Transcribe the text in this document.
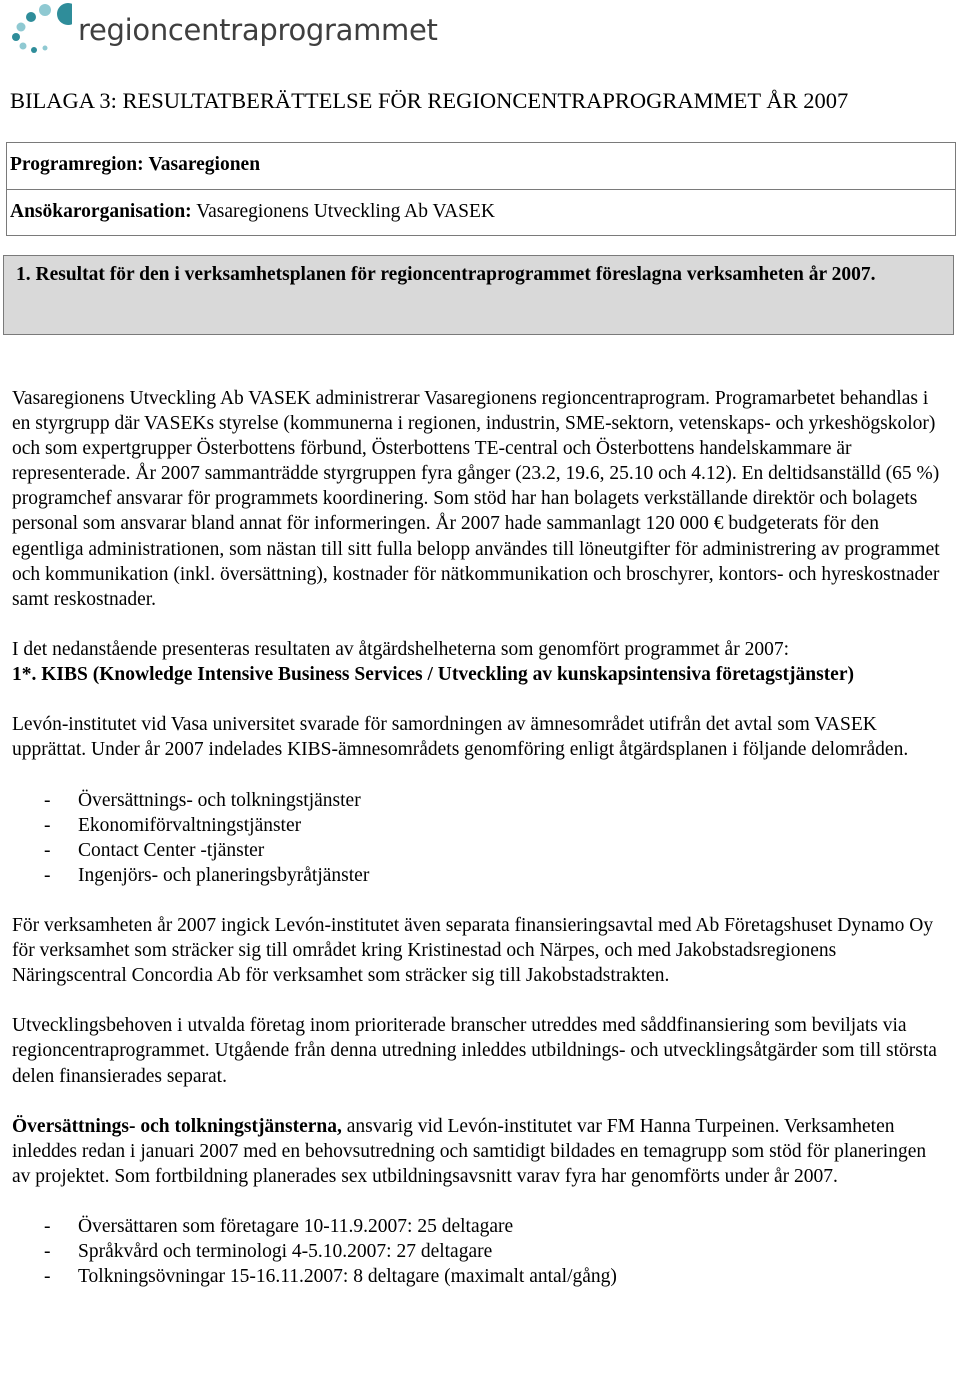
regioncentraprogrammet
BILAGA 3: RESULTATBERÄTTELSE FÖR REGIONCENTRAPROGRAMMET ÅR 2007
Programregion: Vasaregionen
Ansökarorganisation: Vasaregionens Utveckling Ab VASEK
1. Resultat för den i verksamhetsplanen för regioncentraprogrammet föreslagna verksamheten år 2007.

Vasaregionens Utveckling Ab VASEK administrerar Vasaregionens regioncentraprogram. Programarbetet behandlas i en styrgrupp där VASEKs styrelse (kommunerna i regionen, industrin, SME-sektorn, vetenskaps- och yrkeshögskolor) och som expertgrupper Österbottens förbund, Österbottens TE-central och Österbottens handelskammare är representerade. År 2007 sammanträdde styrgruppen fyra gånger (23.2, 19.6, 25.10 och 4.12). En deltidsanställd (65 %) programchef ansvarar för programmets koordinering. Som stöd har han bolagets verkställande direktör och bolagets personal som ansvarar bland annat för informeringen. År 2007 hade sammanlagt 120 000 € budgeterats för den egentliga administrationen, som nästan till sitt fulla belopp användes till löneutgifter för administrering av programmet och kommunikation (inkl. översättning), kostnader för nätkommunikation och broschyrer, kontors- och hyreskostnader samt reskostnader.

I det nedanstående presenteras resultaten av åtgärdshelheterna som genomfört programmet år 2007:

1*. KIBS (Knowledge Intensive Business Services / Utveckling av kunskapsintensiva företagstjänster)

Levón-institutet vid Vasa universitet svarade för samordningen av ämnesområdet utifrån det avtal som VASEK upprättat. Under år 2007 indelades KIBS-ämnesområdets genomföring enligt åtgärdsplanen i följande delområden.

- Översättnings- och tolkningstjänster
- Ekonomiförvaltningstjänster
- Contact Center -tjänster
- Ingenjörs- och planeringsbyråtjänster

För verksamheten år 2007 ingick Levón-institutet även separata finansieringsavtal med Ab Företagshuset Dynamo Oy för verksamhet som sträcker sig till området kring Kristinestad och Närpes, och med Jakobstadsregionens Näringscentral Concordia Ab för verksamhet som sträcker sig till Jakobstadstrakten.

Utvecklingsbehoven i utvalda företag inom prioriterade branscher utreddes med såddfinansiering som beviljats via regioncentraprogrammet. Utgående från denna utredning inleddes utbildnings- och utvecklingsåtgärder som till största delen finansierades separat.

Översättnings- och tolkningstjänsterna, ansvarig vid Levón-institutet var FM Hanna Turpeinen. Verksamheten inleddes redan i januari 2007 med en behovsutredning och samtidigt bildades en temagrupp som stöd för planeringen av projektet. Som fortbildning planerades sex utbildningsavsnitt varav fyra har genomförts under år 2007.

- Översättaren som företagare 10-11.9.2007: 25 deltagare
- Språkvård och terminologi 4-5.10.2007: 27 deltagare
- Tolkningsövningar 15-16.11.2007: 8 deltagare (maximalt antal/gång)
